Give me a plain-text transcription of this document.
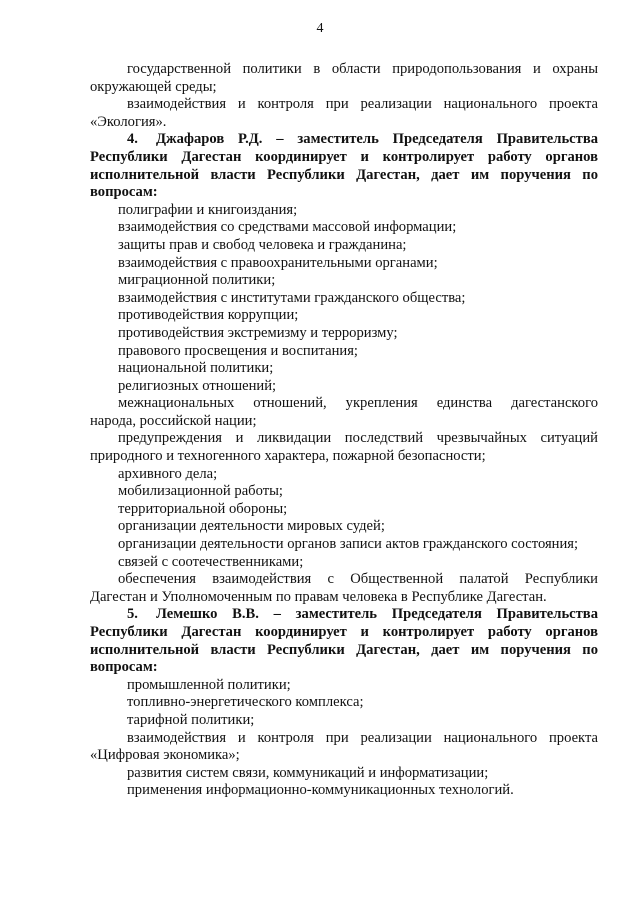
4
государственной политики в области природопользования и охраны
окружающей среды;
взаимодействия и контроля при реализации национального проекта
«Экология».
4. Джафаров Р.Д. – заместитель Председателя Правительства
Республики Дагестан координирует и контролирует работу органов исполнительной власти Республики Дагестан, дает им поручения по вопросам:
полиграфии и книгоиздания;
взаимодействия со средствами массовой информации;
защиты прав и свобод человека и гражданина;
взаимодействия с правоохранительными органами;
миграционной политики;
взаимодействия с институтами гражданского общества;
противодействия коррупции;
противодействия экстремизму и терроризму;
правового просвещения и воспитания;
национальной политики;
религиозных отношений;
межнациональных отношений, укрепления единства дагестанского
народа, российской нации;
предупреждения и ликвидации последствий чрезвычайных ситуаций
природного и техногенного характера, пожарной безопасности;
архивного дела;
мобилизационной работы;
территориальной обороны;
организации деятельности мировых судей;
организации деятельности органов записи актов гражданского состояния;
связей с соотечественниками;
обеспечения взаимодействия с Общественной палатой Республики
Дагестан и Уполномоченным по правам человека в Республике Дагестан.
5. Лемешко В.В. – заместитель Председателя Правительства
Республики Дагестан координирует и контролирует работу органов исполнительной власти Республики Дагестан, дает им поручения по вопросам:
промышленной политики;
топливно-энергетического комплекса;
тарифной политики;
взаимодействия и контроля при реализации национального проекта
«Цифровая экономика»;
развития систем связи, коммуникаций и информатизации;
применения информационно-коммуникационных технологий.
